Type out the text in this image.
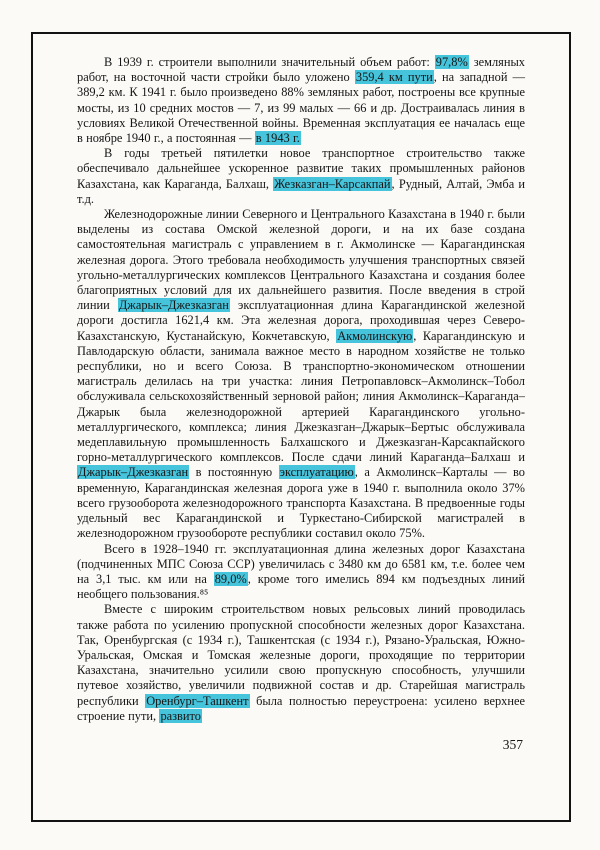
В 1939 г. строители выполнили значительный объем работ: 97,8% земляных работ, на восточной части стройки было уложено 359,4 км пути, на западной — 389,2 км. К 1941 г. было произведено 88% земляных работ, построены все крупные мосты, из 10 средних мостов — 7, из 99 малых — 66 и др. Достраивалась линия в условиях Великой Отечественной войны. Временная эксплуатация ее началась еще в ноябре 1940 г., а постоянная — в 1943 г.

В годы третьей пятилетки новое транспортное строительство также обеспечивало дальнейшее ускоренное развитие таких промышленных районов Казахстана, как Караганда, Балхаш, Жезказган–Карсакпай, Рудный, Алтай, Эмба и т.д.

Железнодорожные линии Северного и Центрального Казахстана в 1940 г. были выделены из состава Омской железной дороги, и на их базе создана самостоятельная магистраль с управлением в г. Акмолинске — Карагандинская железная дорога. Этого требовала необходимость улучшения транспортных связей угольно-металлургических комплексов Центрального Казахстана и создания более благоприятных условий для их дальнейшего развития. После введения в строй линии Джарык–Джезказган эксплуатационная длина Карагандинской железной дороги достигла 1621,4 км. Эта железная дорога, проходившая через Северо-Казахстанскую, Кустанайскую, Кокчетавскую, Акмолинскую, Карагандинскую и Павлодарскую области, занимала важное место в народном хозяйстве не только республики, но и всего Союза. В транспортно-экономическом отношении магистраль делилась на три участка: линия Петропавловск–Акмолинск–Тобол обслуживала сельскохозяйственный зерновой район; линия Акмолинск–Караганда–Джарык была железнодорожной артерией Карагандинского угольно-металлургического, комплекса; линия Джезказган–Джарык–Бертыс обслуживала медеплавильную промышленность Балхашского и Джезказган-Карсакпайского горно-металлургического комплексов. После сдачи линий Караганда–Балхаш и Джарык–Джезказган в постоянную эксплуатацию, а Акмолинск–Карталы — во временную, Карагандинская железная дорога уже в 1940 г. выполнила около 37% всего грузооборота железнодорожного транспорта Казахстана. В предвоенные годы удельный вес Карагандинской и Туркестано-Сибирской магистралей в железнодорожном грузообороте республики составил около 75%.

Всего в 1928–1940 гг. эксплуатационная длина железных дорог Казахстана (подчиненных МПС Союза ССР) увеличилась с 3480 км до 6581 км, т.е. более чем на 3,1 тыс. км или на 89,0%, кроме того имелись 894 км подъездных линий необщего пользования.⁸⁵

Вместе с широким строительством новых рельсовых линий проводилась также работа по усилению пропускной способности железных дорог Казахстана. Так, Оренбургская (с 1934 г.), Ташкентская (с 1934 г.), Рязано-Уральская, Южно-Уральская, Омская и Томская железные дороги, проходящие по территории Казахстана, значительно усилили свою пропускную способность, улучшили путевое хозяйство, увеличили подвижной состав и др. Старейшая магистраль республики Оренбург–Ташкент была полностью переустроена: усилено верхнее строение пути, развито

357
